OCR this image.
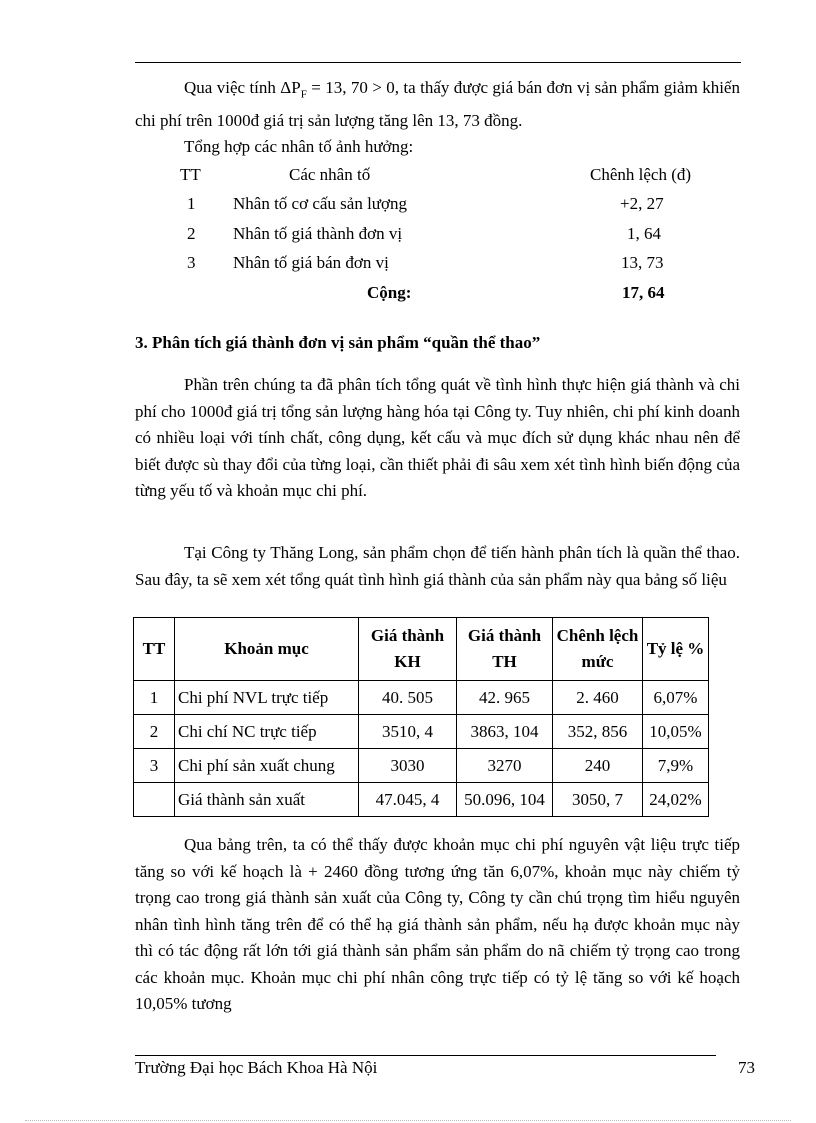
Qua việc tính $\Delta P_F = 13$, 70 > 0, ta thấy được giá bán đơn vị sản phẩm giảm khiến chi phí trên 1000đ giá trị sản lượng tăng lên 13, 73 đồng.

Tổng hợp các nhân tố ảnh hưởng:
TT	Các nhân tố	Chênh lệch (đ)
1 Nhân tố cơ cấu sản lượng	+2, 27
2 Nhân tố giá thành đơn vị	1, 64
3 Nhân tố giá bán đơn vị	13, 73
Cộng:	17, 64
3. Phân tích giá thành đơn vị sản phẩm “quần thể thao”

Phần trên chúng ta đã phân tích tổng quát về tình hình thực hiện giá thành và chi phí cho 1000đ giá trị tổng sản lượng hàng hóa tại Công ty. Tuy nhiên, chi phí kinh doanh có nhiều loại với tính chất, công dụng, kết cấu và mục đích sử dụng khác nhau nên để biết được sù thay đổi của từng loại, cần thiết phải đi sâu xem xét tình hình biến động của từng yếu tố và khoản mục chi phí.

Tại Công ty Thăng Long, sản phẩm chọn để tiến hành phân tích là quần thể thao. Sau đây, ta sẽ xem xét tổng quát tình hình giá thành của sản phẩm này qua bảng số liệu

TT	Khoản mục	Giá thành KH	Giá thành TH	Chênh lệch mức	Tỷ lệ %
1	Chi phí NVL trực tiếp	40. 505	42. 965	2. 460	6,07%
2	Chi chí NC trực tiếp	3510, 4	3863, 104	352, 856	10,05%
3	Chi phí sản xuất chung	3030	3270	240	7,9%
	Giá thành sản xuất	47.045, 4	50.096, 104	3050, 7	24,02%

Qua bảng trên, ta có thể thấy được khoản mục chi phí nguyên vật liệu trực tiếp tăng so với kế hoạch là + 2460 đồng tương ứng tăn 6,07%, khoản mục này chiếm tỷ trọng cao trong giá thành sản xuất của Công ty, Công ty cần chú trọng tìm hiểu nguyên nhân tình hình tăng trên để có thể hạ giá thành sản phẩm, nếu hạ được khoản mục này thì có tác động rất lớn tới giá thành sản phẩm sản phẩm do nã chiếm tỷ trọng cao trong các khoản mục. Khoản mục chi phí nhân công trực tiếp có tỷ lệ tăng so với kế hoạch 10,05% tương

Trường Đại học Bách Khoa Hà Nội	73
